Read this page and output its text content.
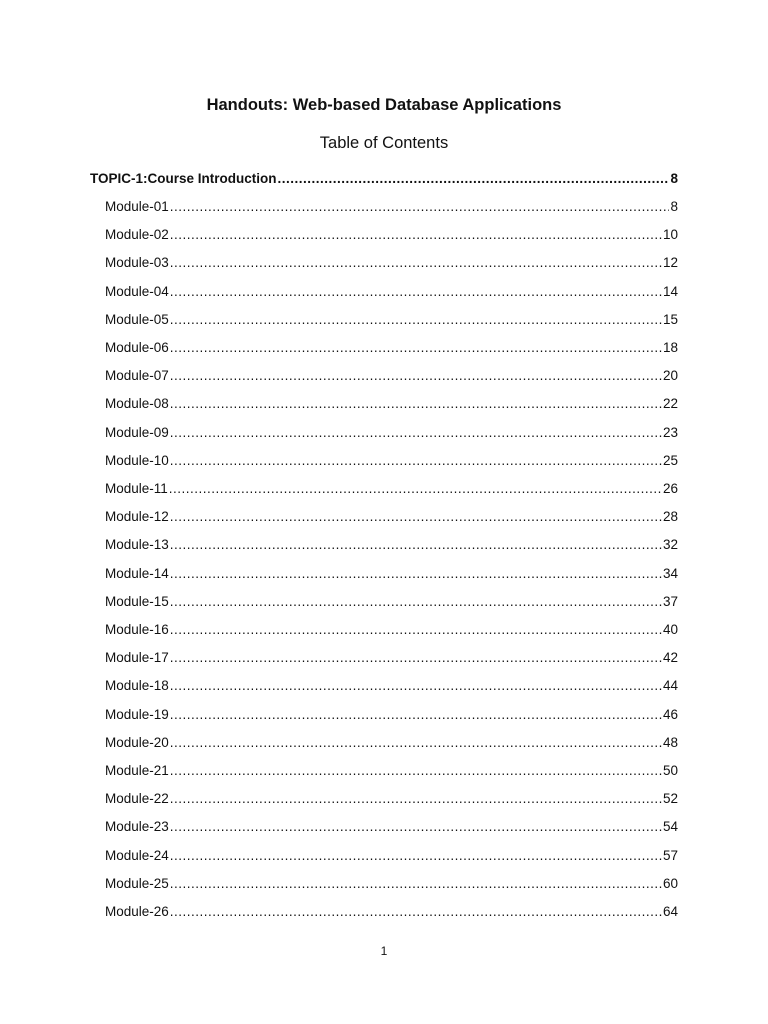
Handouts: Web-based Database Applications
Table of Contents
TOPIC-1:Course Introduction .....	8
Module-01 .....	8
Module-02 .....	10
Module-03 .....	12
Module-04 .....	14
Module-05 .....	15
Module-06 .....	18
Module-07 .....	20
Module-08 .....	22
Module-09 .....	23
Module-10 .....	25
Module-11 .....	26
Module-12 .....	28
Module-13 .....	32
Module-14 .....	34
Module-15 .....	37
Module-16 .....	40
Module-17 .....	42
Module-18 .....	44
Module-19 .....	46
Module-20 .....	48
Module-21 .....	50
Module-22 .....	52
Module-23 .....	54
Module-24 .....	57
Module-25 .....	60
Module-26 .....	64
1
